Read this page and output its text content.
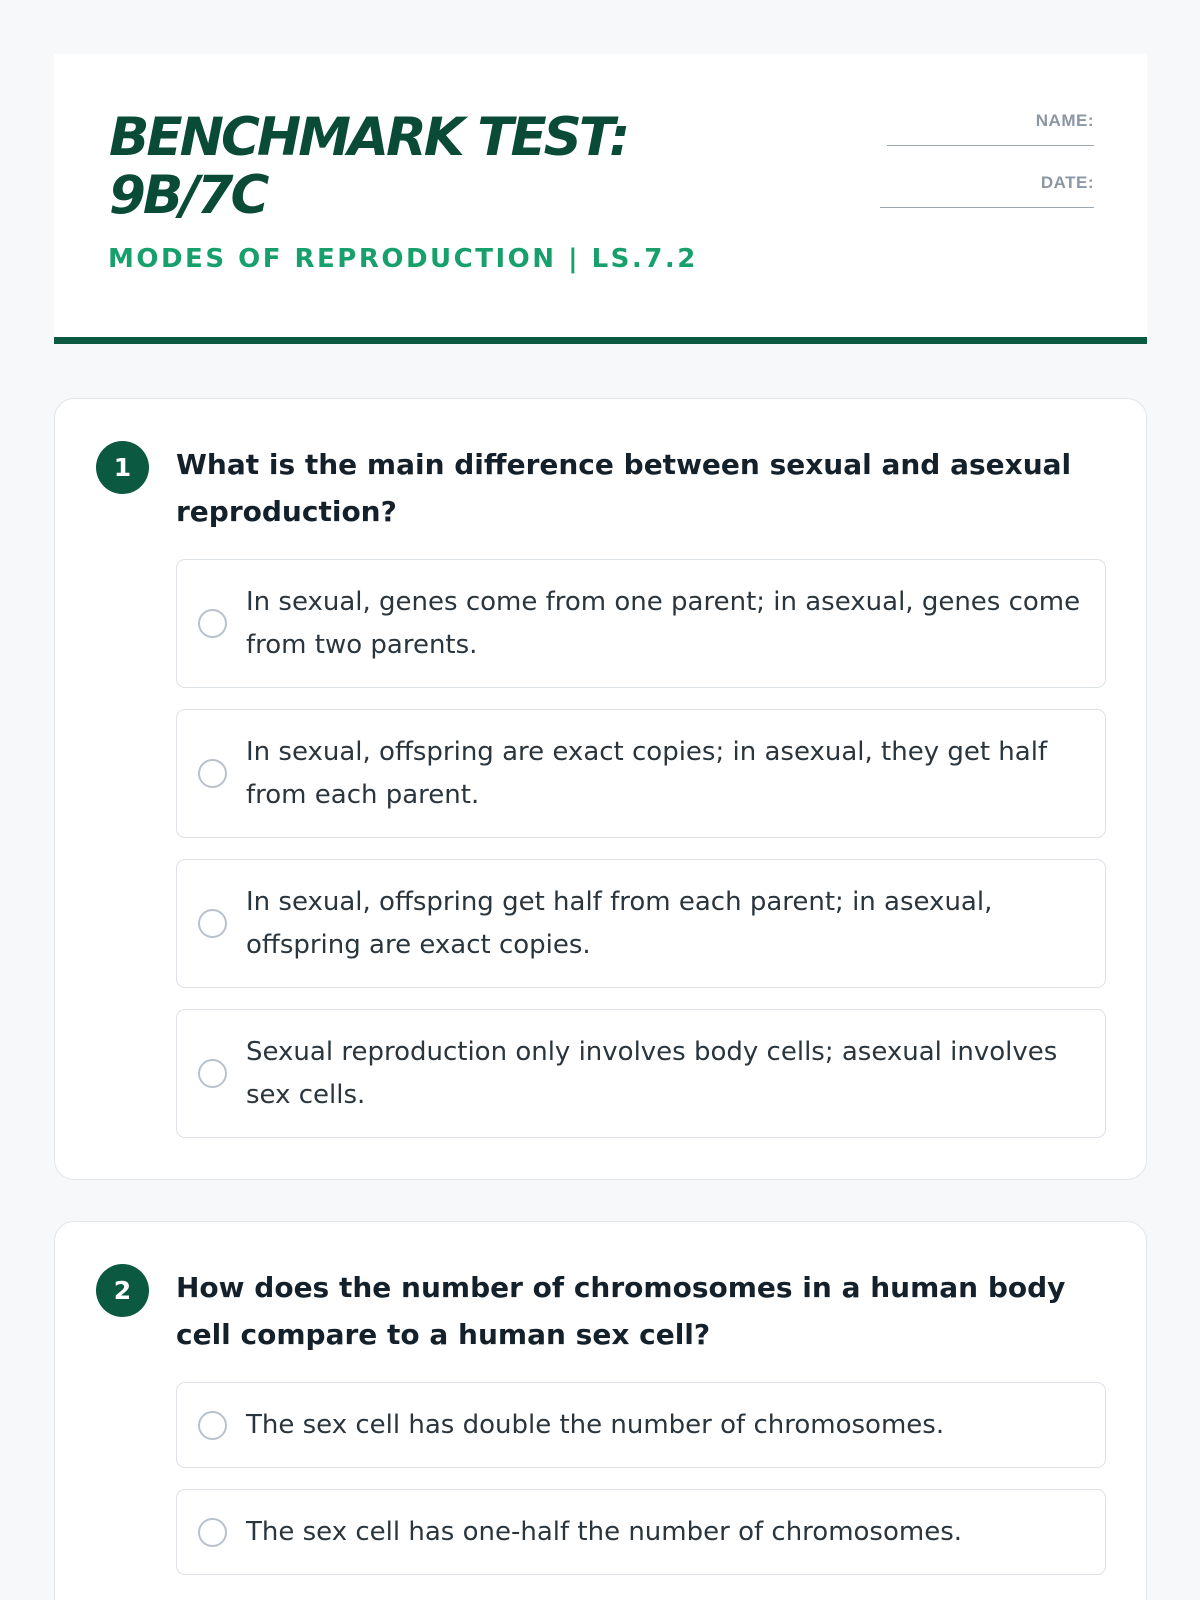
BENCHMARK TEST: 9B/7C
MODES OF REPRODUCTION | LS.7.2
NAME:
DATE:
1	What is the main difference between sexual and asexual reproduction?
In sexual, genes come from one parent; in asexual, genes come from two parents.
In sexual, offspring are exact copies; in asexual, they get half from each parent.
In sexual, offspring get half from each parent; in asexual, offspring are exact copies.
Sexual reproduction only involves body cells; asexual involves sex cells.
2	How does the number of chromosomes in a human body cell compare to a human sex cell?
The sex cell has double the number of chromosomes.
The sex cell has one-half the number of chromosomes.
